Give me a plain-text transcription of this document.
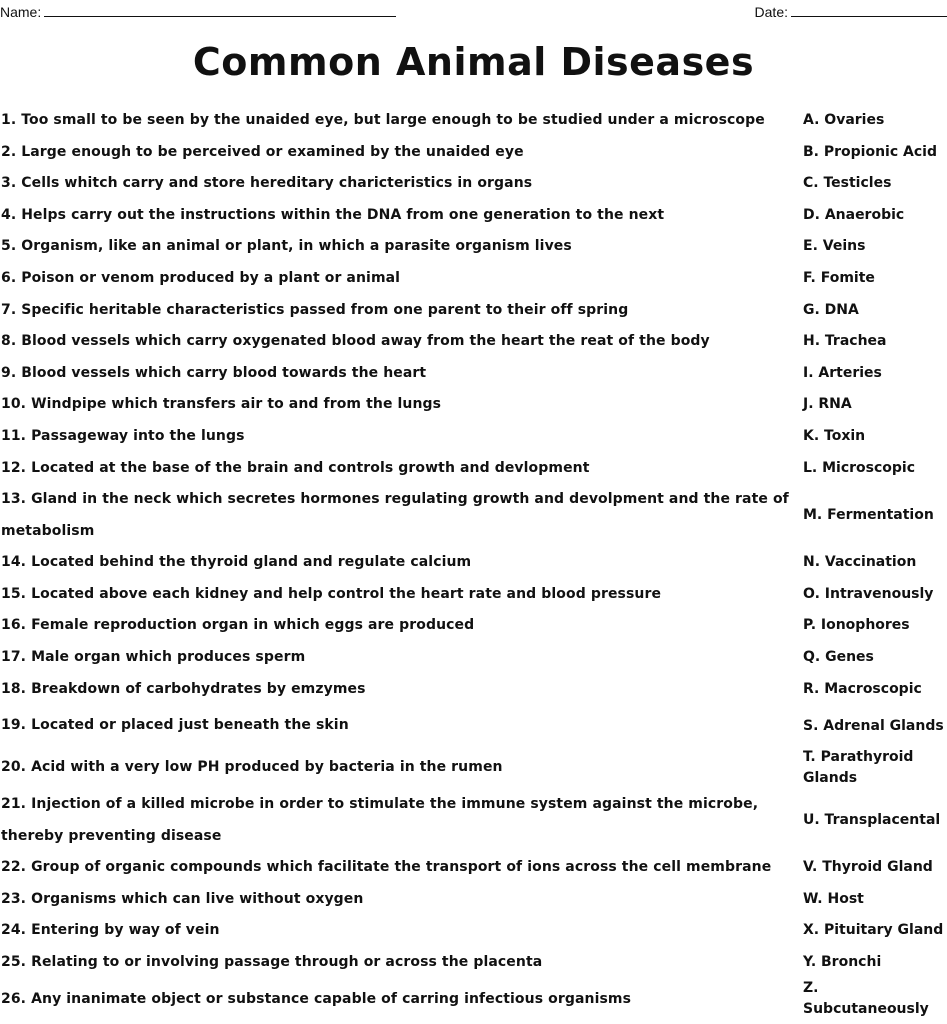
Name:	Date:
Common Animal Diseases
1. Too small to be seen by the unaided eye, but large enough to be studied under a microscope	A. Ovaries
2. Large enough to be perceived or examined by the unaided eye	B. Propionic Acid
3. Cells whitch carry and store hereditary charicteristics in organs	C. Testicles
4. Helps carry out the instructions within the DNA from one generation to the next	D. Anaerobic
5. Organism, like an animal or plant, in which a parasite organism lives	E. Veins
6. Poison or venom produced by a plant or animal	F. Fomite
7. Specific heritable characteristics passed from one parent to their off spring	G. DNA
8. Blood vessels which carry oxygenated blood away from the heart the reat of the body	H. Trachea
9. Blood vessels which carry blood towards the heart	I. Arteries
10. Windpipe which transfers air to and from the lungs	J. RNA
11. Passageway into the lungs	K. Toxin
12. Located at the base of the brain and controls growth and devlopment	L. Microscopic
13. Gland in the neck which secretes hormones regulating growth and devolpment and the rate of metabolism
M. Fermentation
14. Located behind the thyroid gland and regulate calcium	N. Vaccination
15. Located above each kidney and help control the heart rate and blood pressure	O. Intravenously
16. Female reproduction organ in which eggs are produced	P. Ionophores
17. Male organ which produces sperm	Q. Genes
18. Breakdown of carbohydrates by emzymes	R. Macroscopic
19. Located or placed just beneath the skin	S. Adrenal Glands
20. Acid with a very low PH produced by bacteria in the rumen
T. Parathyroid Glands
21. Injection of a killed microbe in order to stimulate the immune system against the microbe, thereby preventing disease
U. Transplacental
22. Group of organic compounds which facilitate the transport of ions across the cell membrane	V. Thyroid Gland
23. Organisms which can live without oxygen	W. Host
24. Entering by way of vein	X. Pituitary Gland
25. Relating to or involving passage through or across the placenta	Y. Bronchi
26. Any inanimate object or substance capable of carring infectious organisms
Z. Subcutaneously
